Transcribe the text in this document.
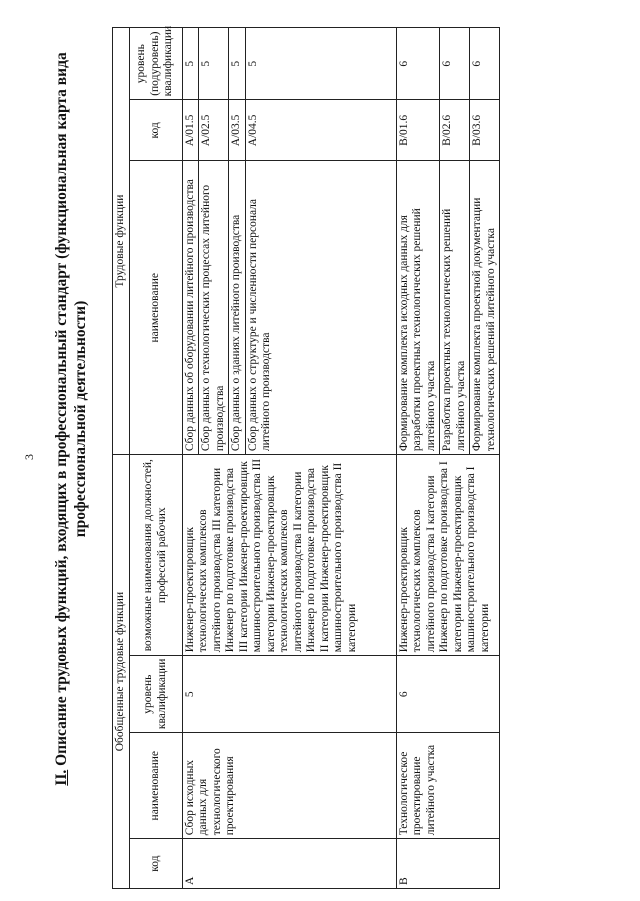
3
II. Описание трудовых функций, входящих в профессиональный стандарт (функциональная карта вида профессиональной деятельности)
Обобщенные трудовые функции				Трудовые функции		
код	наименование	уровень квалификации	возможные наименования должностей, профессий рабочих	наименование	код	уровень (подуровень) квалификации
A	Сбор исходных данных для технологического проектирования	5	Инженер-проектировщик технологических комплексов литейного производства III категории Инженер по подготовке производства III категории Инженер-проектировщик машиностроительного производства III категории Инженер-проектировщик технологических комплексов литейного производства II категории Инженер по подготовке производства II категории Инженер-проектировщик машиностроительного производства II категории	Сбор данных об оборудовании литейного производства	A/01.5	5
				Сбор данных о технологических процессах литейного производства	A/02.5	5
				Сбор данных о зданиях литейного производства	A/03.5	5
				Сбор данных о структуре и численности персонала литейного производства	A/04.5	5
B	Технологическое проектирование литейного участка	6	Инженер-проектировщик технологических комплексов литейного производства I категории Инженер по подготовке производства I категории Инженер-проектировщик машиностроительного производства I категории	Формирование комплекта исходных данных для разработки проектных технологических решений литейного участка	B/01.6	6
				Разработка проектных технологических решений литейного участка	B/02.6	6
				Формирование комплекта проектной документации технологических решений литейного участка	B/03.6	6
